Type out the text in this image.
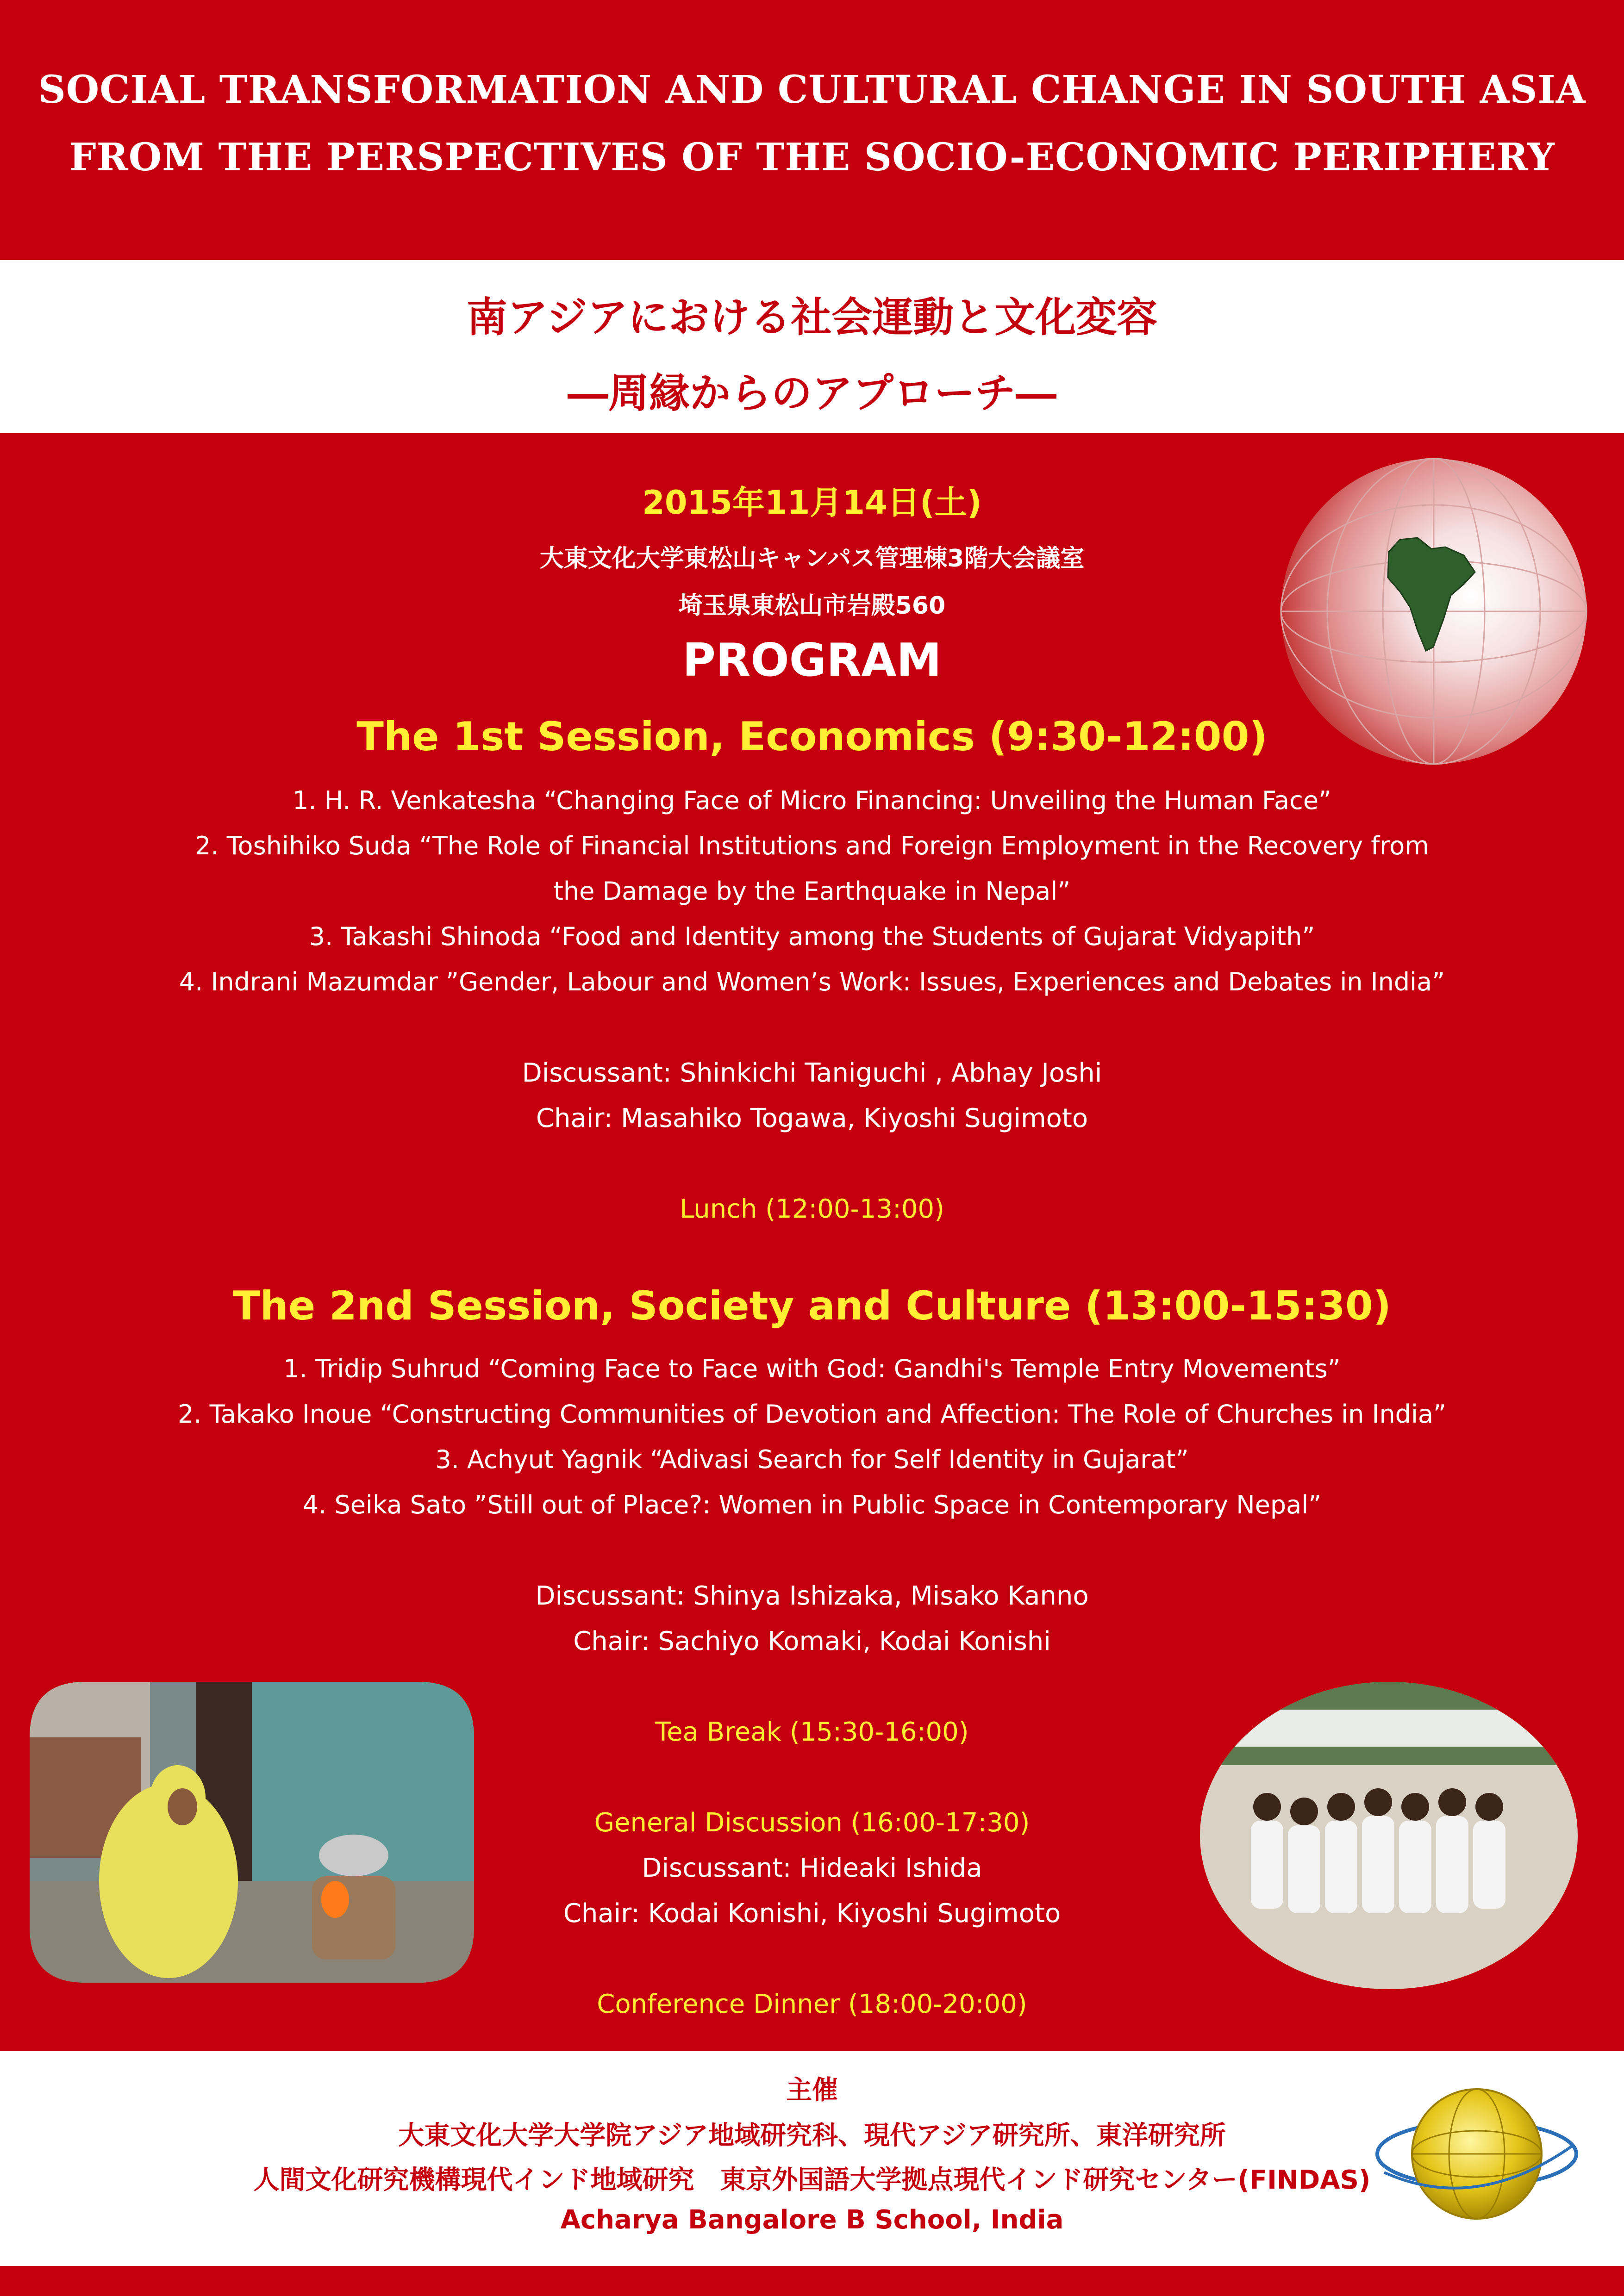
SOCIAL TRANSFORMATION AND CULTURAL CHANGE IN SOUTH ASIA
FROM THE PERSPECTIVES OF THE SOCIO-ECONOMIC PERIPHERY
南アジアにおける社会運動と文化変容
―周縁からのアプローチ―
2015年11月14日(土)
大東文化大学東松山キャンパス管理棟3階大会議室
埼玉県東松山市岩殿560
PROGRAM
The 1st Session, Economics (9:30-12:00)
1. H. R. Venkatesha “Changing Face of Micro Financing: Unveiling the Human Face”
2. Toshihiko Suda “The Role of Financial Institutions and Foreign Employment in the Recovery from
the Damage by the Earthquake in Nepal”
3. Takashi Shinoda “Food and Identity among the Students of Gujarat Vidyapith”
4. Indrani Mazumdar ”Gender, Labour and Women’s Work: Issues, Experiences and Debates in India”
Discussant: Shinkichi Taniguchi , Abhay Joshi
Chair: Masahiko Togawa, Kiyoshi Sugimoto
Lunch (12:00-13:00)
The 2nd Session, Society and Culture (13:00-15:30)
1. Tridip Suhrud “Coming Face to Face with God: Gandhi's Temple Entry Movements”
2. Takako Inoue “Constructing Communities of Devotion and Affection: The Role of Churches in India”
3. Achyut Yagnik “Adivasi Search for Self Identity in Gujarat”
4. Seika Sato ”Still out of Place?: Women in Public Space in Contemporary Nepal”
Discussant: Shinya Ishizaka, Misako Kanno
Chair: Sachiyo Komaki, Kodai Konishi
Tea Break (15:30-16:00)
General Discussion (16:00-17:30)
Discussant: Hideaki Ishida
Chair: Kodai Konishi, Kiyoshi Sugimoto
Conference Dinner (18:00-20:00)
主催
大東文化大学大学院アジア地域研究科、現代アジア研究所、東洋研究所
人間文化研究機構現代インド地域研究　東京外国語大学拠点現代インド研究センター(FINDAS)
Acharya Bangalore B School, India
